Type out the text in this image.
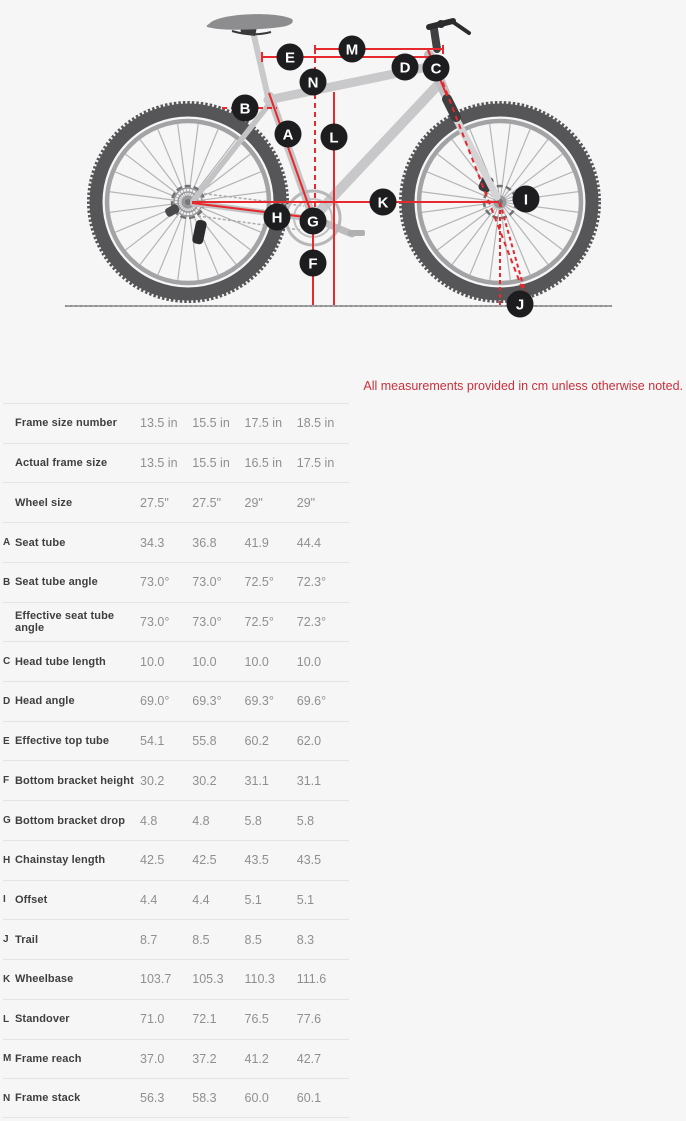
A
B
C
D
E
F
G
H
I
J
K
L
M
N
All measurements provided in cm unless otherwise noted.
Frame size number	13.5 in	15.5 in	17.5 in	18.5 in
Actual frame size	13.5 in	15.5 in	16.5 in	17.5 in
Wheel size	27.5"	27.5"	29"	29"
A Seat tube	34.3	36.8	41.9	44.4
B Seat tube angle	73.0°	73.0°	72.5°	72.3°
Effective seat tube angle	73.0°	73.0°	72.5°	72.3°
C Head tube length	10.0	10.0	10.0	10.0
D Head angle	69.0°	69.3°	69.3°	69.6°
E Effective top tube	54.1	55.8	60.2	62.0
F Bottom bracket height 30.2	30.2	31.1	31.1
G Bottom bracket drop	4.8	4.8	5.8	5.8
H Chainstay length	42.5	42.5	43.5	43.5
I Offset	4.4	4.4	5.1	5.1
J Trail	8.7	8.5	8.5	8.3
K Wheelbase	103.7	105.3	110.3	111.6
L Standover	71.0	72.1	76.5	77.6
M Frame reach	37.0	37.2	41.2	42.7
N Frame stack	56.3	58.3	60.0	60.1
